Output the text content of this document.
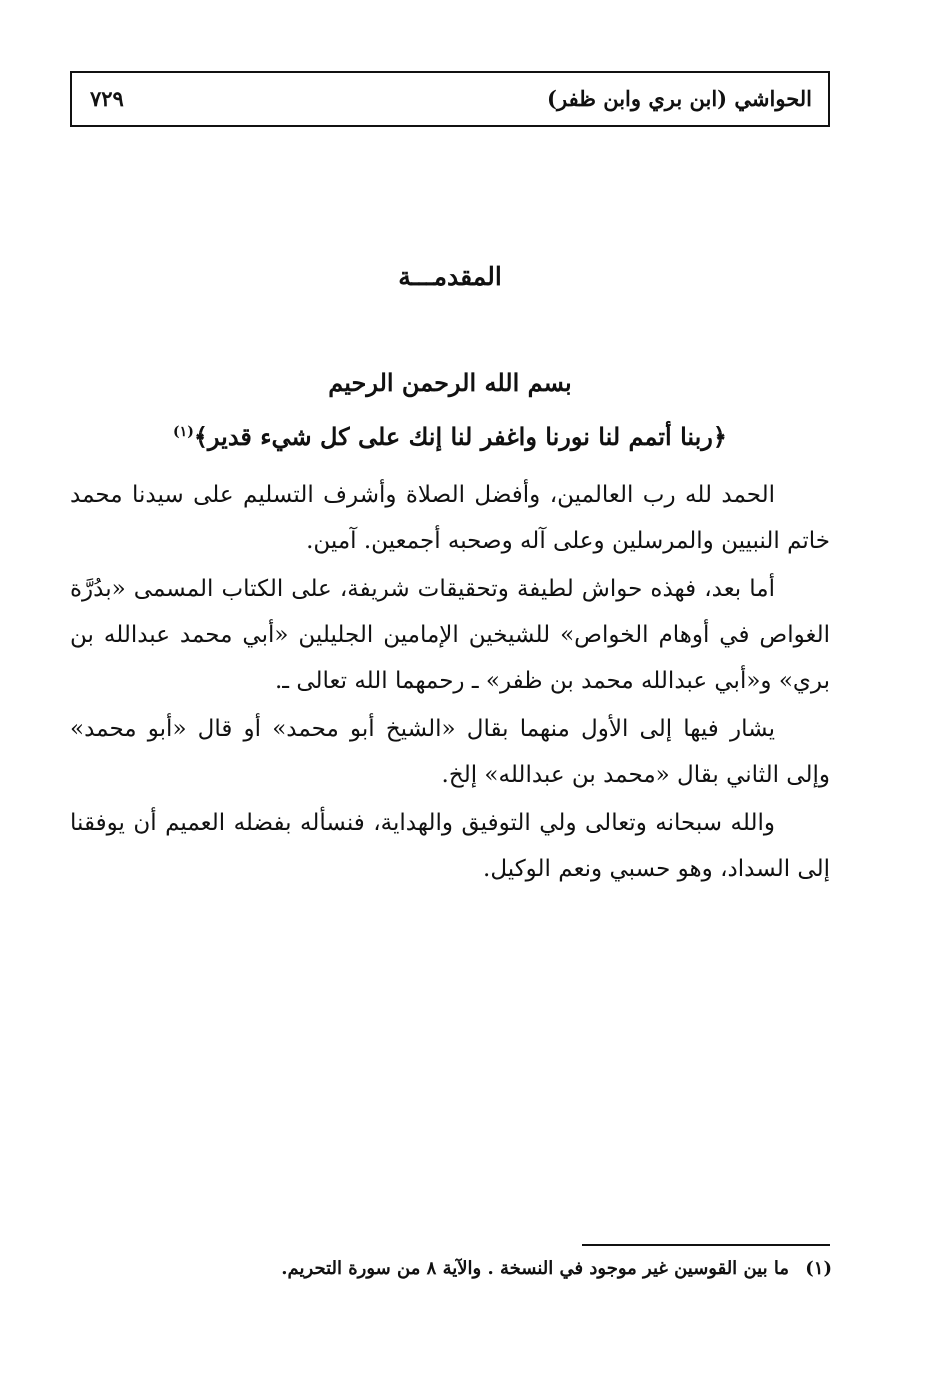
الحواشي (ابن بري وابن ظفر)
٧٢٩
المقدمـــة
بسم الله الرحمن الرحيم
﴿ربنا أتمم لنا نورنا واغفر لنا إنك على كل شيء قدير﴾$^{(١)}$

الحمد لله رب العالمين، وأفضل الصلاة وأشرف التسليم على سيدنا محمد خاتم النبيين والمرسلين وعلى آله وصحبه أجمعين. آمين.

أما بعد، فهذه حواش لطيفة وتحقيقات شريفة، على الكتاب المسمى «بدُرَّة الغواص في أوهام الخواص» للشيخين الإمامين الجليلين «أبي محمد عبدالله بن بري» و«أبي عبدالله محمد بن ظفر» ـ رحمهما الله تعالى ـ.

يشار فيها إلى الأول منهما بقال «الشيخ أبو محمد» أو قال «أبو محمد» وإلى الثاني بقال «محمد بن عبدالله» إلخ.

والله سبحانه وتعالى ولي التوفيق والهداية، فنسأله بفضله العميم أن يوفقنا إلى السداد، وهو حسبي ونعم الوكيل.

(١) ما بين القوسين غير موجود في النسخة . والآية ٨ من سورة التحريم.
